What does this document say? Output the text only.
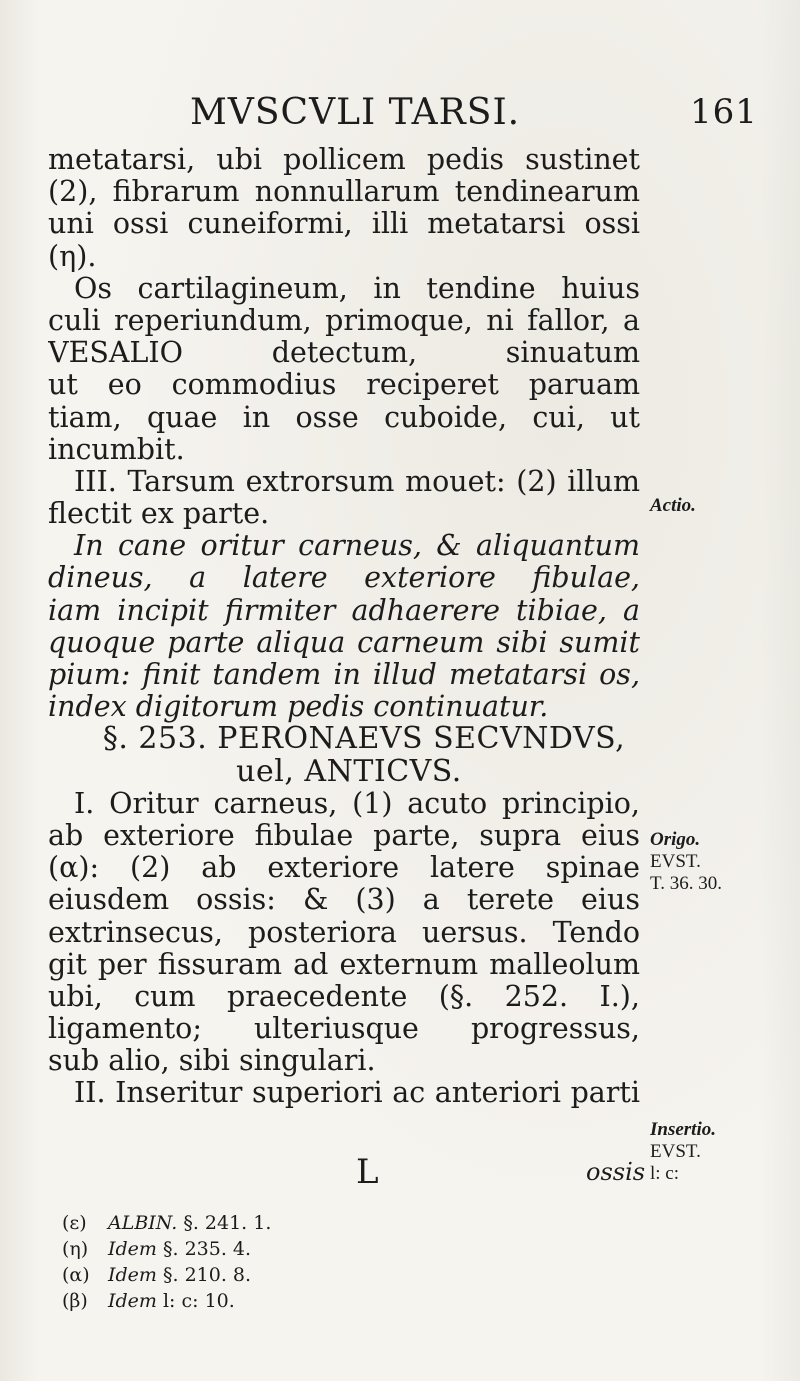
MVSCVLI TARSI.	161
metatarsi, ubi pollicem pedis sustinet
(2), fibrarum nonnullarum tendinearum
uni ossi cuneiformi, illi metatarsi ossi
(η).
Os cartilagineum, in tendine huius
culi reperiundum, primoque, ni fallor, a
VESALIO detectum, sinuatum
ut eo commodius reciperet paruam
tiam, quae in osse cuboide, cui, ut
incumbit.
III. Tarsum extrorsum mouet: (2) illum
flectit ex parte.
In cane oritur carneus, & aliquantum
dineus, a latere exteriore fibulae,
iam incipit firmiter adhaerere tibiae, a
quoque parte aliqua carneum sibi sumit
pium: finit tandem in illud metatarsi os,
index digitorum pedis continuatur.
§. 253. PERONAEVS SECVNDVS,
uel, ANTICVS.
I. Oritur carneus, (1) acuto principio,
ab exteriore fibulae parte, supra eius
(α): (2) ab exteriore latere spinae
eiusdem ossis: & (3) a terete eius
extrinsecus, posteriora uersus. Tendo
git per fissuram ad externum malleolum
ubi, cum praecedente (§. 252. I.),
ligamento; ulteriusque progressus,
sub alio, sibi singulari.
II. Inseritur superiori ac anteriori parti
Actio.
Origo.
EVST.
T. 36. 30.
Insertio.
EVST.
l: c:
L	ossis
(ε) ALBIN. §. 241. 1.
(η) Idem §. 235. 4.
(α) Idem §. 210. 8.
(β) Idem l: c: 10.
